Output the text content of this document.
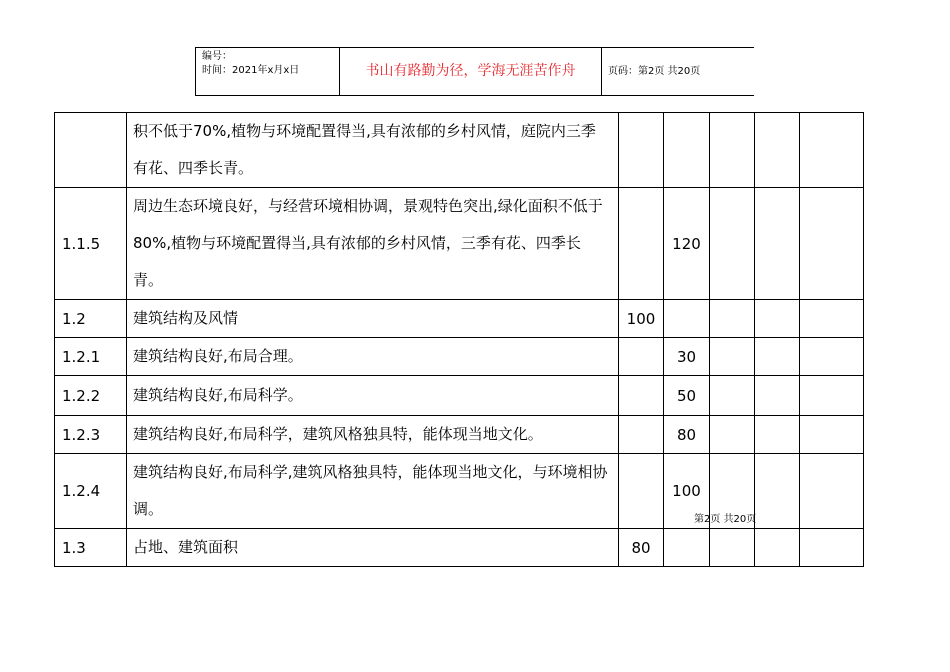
编号：
时间：2021年x月x日	书山有路勤为径，学海无涯苦作舟	页码：第2页 共20页
	积不低于70%,植物与环境配置得当,具有浓郁的乡村风情，庭院内三季有花、四季长青。					
1.1.5	周边生态环境良好，与经营环境相协调，景观特色突出,绿化面积不低于80%,植物与环境配置得当,具有浓郁的乡村风情，三季有花、四季长青。		120			
1.2	建筑结构及风情	100				
1.2.1	建筑结构良好,布局合理。		30			
1.2.2	建筑结构良好,布局科学。		50			
1.2.3	建筑结构良好,布局科学，建筑风格独具特，能体现当地文化。		80			
1.2.4	建筑结构良好,布局科学,建筑风格独具特，能体现当地文化，与环境相协调。		100			
1.3	占地、建筑面积	80				
第2页 共20页
